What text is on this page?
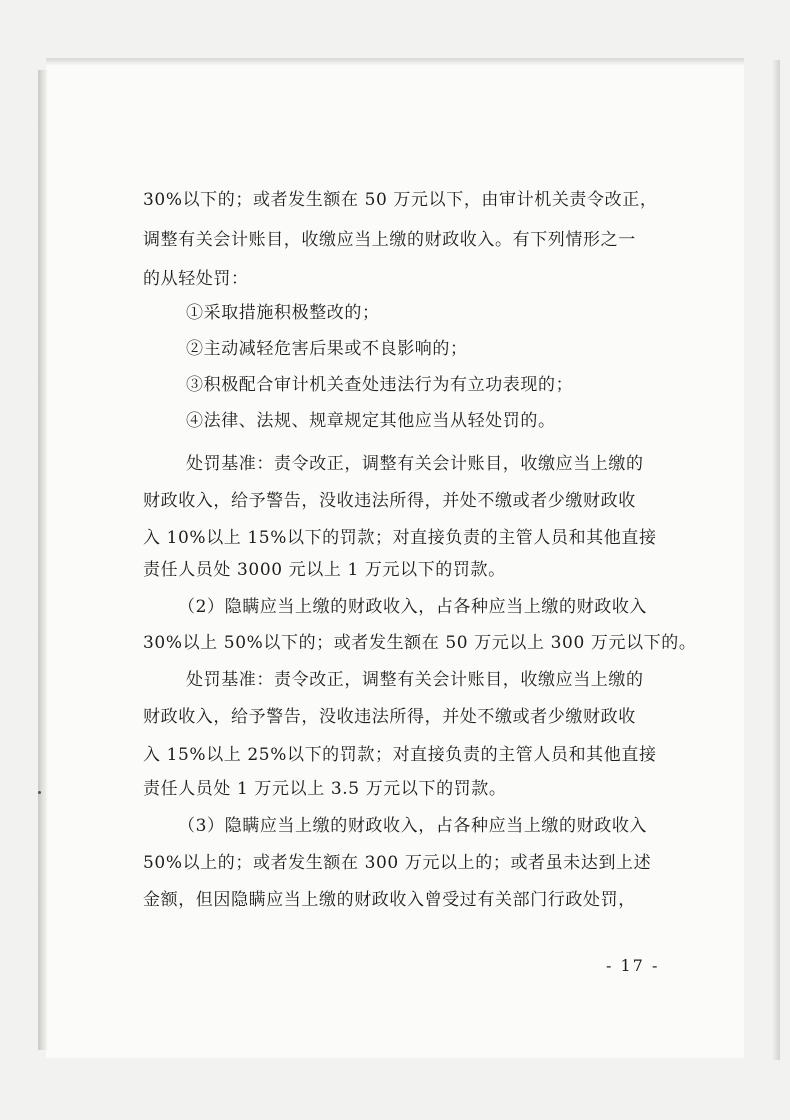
30%以下的；或者发生额在 50 万元以下，由审计机关责令改正，
调整有关会计账目，收缴应当上缴的财政收入。有下列情形之一
的从轻处罚：
①采取措施积极整改的；
②主动减轻危害后果或不良影响的；
③积极配合审计机关查处违法行为有立功表现的；
④法律、法规、规章规定其他应当从轻处罚的。
处罚基准：责令改正，调整有关会计账目，收缴应当上缴的
财政收入，给予警告，没收违法所得，并处不缴或者少缴财政收
入 10%以上 15%以下的罚款；对直接负责的主管人员和其他直接
责任人员处 3000 元以上 1 万元以下的罚款。
（2）隐瞒应当上缴的财政收入，占各种应当上缴的财政收入
30%以上 50%以下的；或者发生额在 50 万元以上 300 万元以下的。
处罚基准：责令改正，调整有关会计账目，收缴应当上缴的
财政收入，给予警告，没收违法所得，并处不缴或者少缴财政收
入 15%以上 25%以下的罚款；对直接负责的主管人员和其他直接
责任人员处 1 万元以上 3.5 万元以下的罚款。
（3）隐瞒应当上缴的财政收入，占各种应当上缴的财政收入
50%以上的；或者发生额在 300 万元以上的；或者虽未达到上述
金额，但因隐瞒应当上缴的财政收入曾受过有关部门行政处罚，
- 17 -
